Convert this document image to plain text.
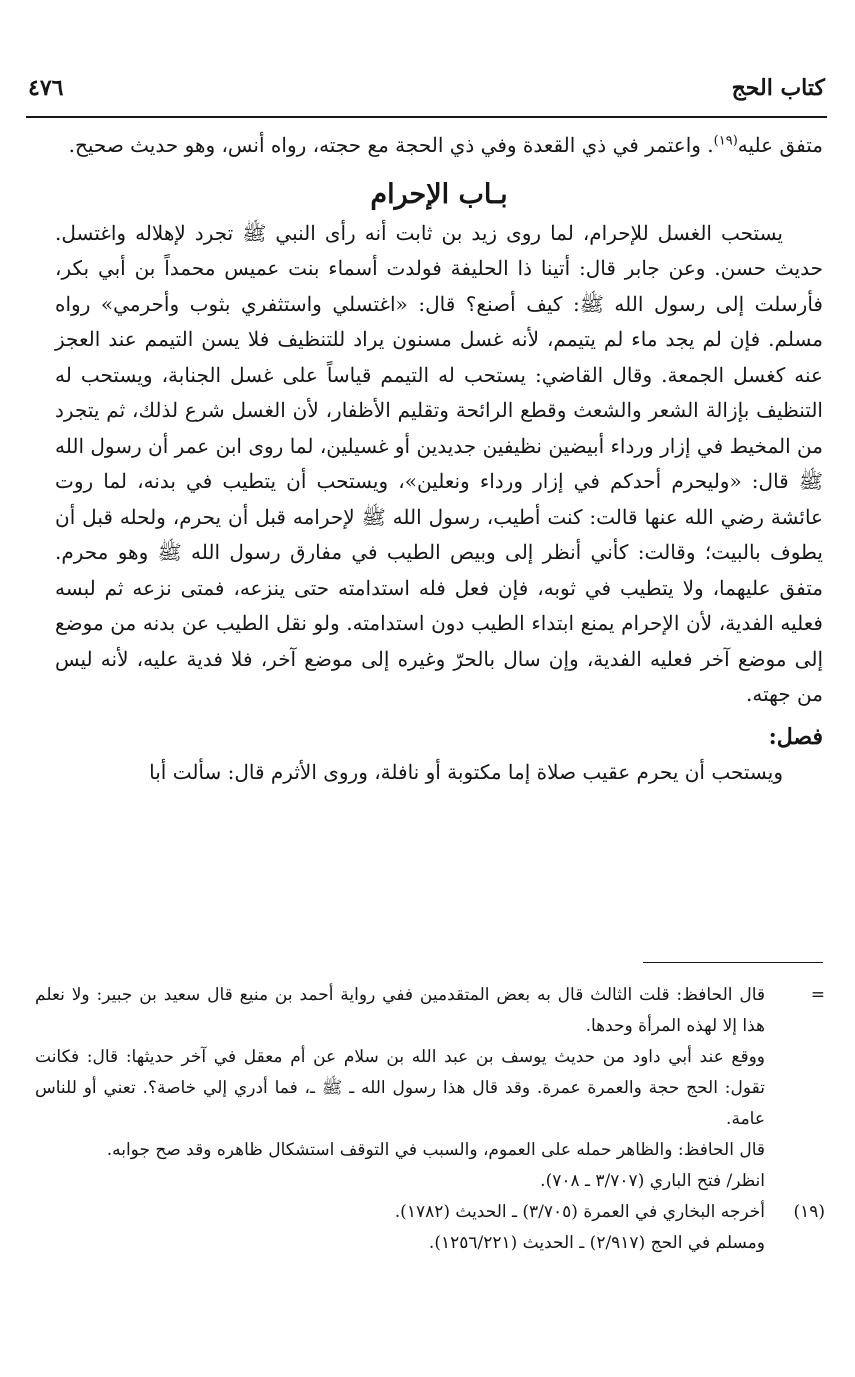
كتاب الحج
٤٧٦

متفق عليه$^{(١٩)}$. واعتمر في ذي القعدة وفي ذي الحجة مع حجته، رواه أنس، وهو حديث صحيح.

بـاب الإحرام

يستحب الغسل للإحرام، لما روى زيد بن ثابت أنه رأى النبي ﷺ تجرد لإهلاله واغتسل. حديث حسن. وعن جابر قال: أتينا ذا الحليفة فولدت أسماء بنت عميس محمداً بن أبي بكر، فأرسلت إلى رسول الله ﷺ: كيف أصنع؟ قال: «اغتسلي واستثفري بثوب وأحرمي» رواه مسلم. فإن لم يجد ماء لم يتيمم، لأنه غسل مسنون يراد للتنظيف فلا يسن التيمم عند العجز عنه كغسل الجمعة. وقال القاضي: يستحب له التيمم قياساً على غسل الجنابة، ويستحب له التنظيف بإزالة الشعر والشعث وقطع الرائحة وتقليم الأظفار، لأن الغسل شرع لذلك، ثم يتجرد من المخيط في إزار ورداء أبيضين نظيفين جديدين أو غسيلين، لما روى ابن عمر أن رسول الله ﷺ قال: «وليحرم أحدكم في إزار ورداء ونعلين»، ويستحب أن يتطيب في بدنه، لما روت عائشة رضي الله عنها قالت: كنت أطيب، رسول الله ﷺ لإحرامه قبل أن يحرم، ولحله قبل أن يطوف بالبيت؛ وقالت: كأني أنظر إلى وبيص الطيب في مفارق رسول الله ﷺ وهو محرم. متفق عليهما، ولا يتطيب في ثوبه، فإن فعل فله استدامته حتى ينزعه، فمتى نزعه ثم لبسه فعليه الفدية، لأن الإحرام يمنع ابتداء الطيب دون استدامته. ولو نقل الطيب عن بدنه من موضع إلى موضع آخر فعليه الفدية، وإن سال بالحرّ وغيره إلى موضع آخر، فلا فدية عليه، لأنه ليس من جهته.

فصل:

ويستحب أن يحرم عقيب صلاة إما مكتوبة أو نافلة، وروى الأثرم قال: سألت أبا

=

قال الحافظ: قلت الثالث قال به بعض المتقدمين ففي رواية أحمد بن منيع قال سعيد بن جبير: ولا نعلم هذا إلا لهذه المرأة وحدها.

ووقع عند أبي داود من حديث يوسف بن عبد الله بن سلام عن أم معقل في آخر حديثها: قال: فكانت تقول: الحج حجة والعمرة عمرة. وقد قال هذا رسول الله ـ ﷺ ـ، فما أدري إلي خاصة؟. تعني أو للناس عامة.

قال الحافظ: والظاهر حمله على العموم، والسبب في التوقف استشكال ظاهره وقد صح جوابه.

انظر/ فتح الباري (٣/٧٠٧ ـ ٧٠٨).

(١٩)

أخرجه البخاري في العمرة (٣/٧٠٥) ـ الحديث (١٧٨٢).

ومسلم في الحج (٢/٩١٧) ـ الحديث (١٢٥٦/٢٢١).
